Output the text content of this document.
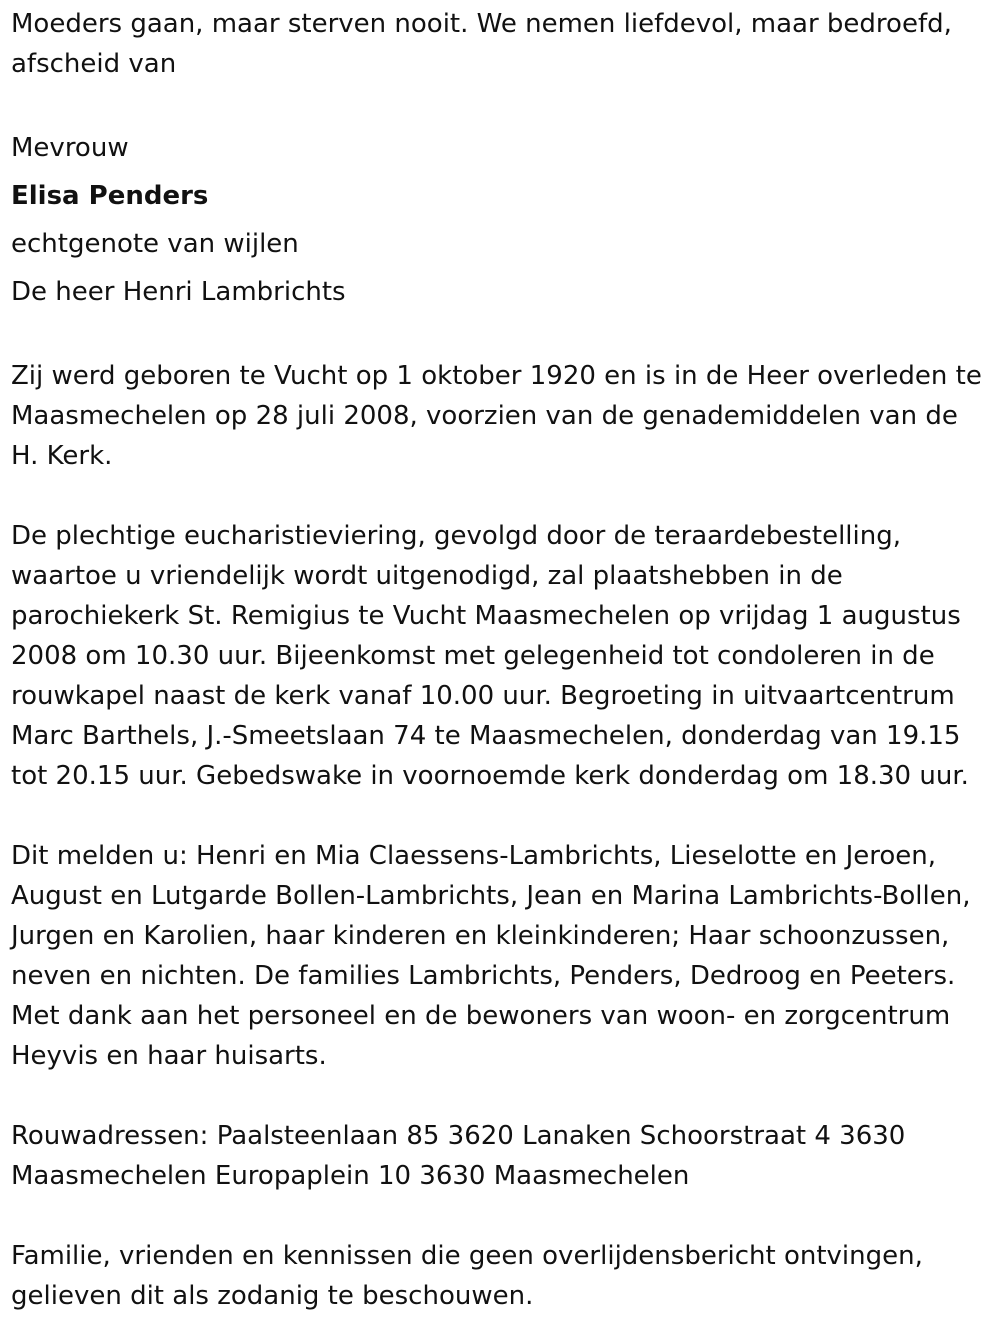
Moeders gaan, maar sterven nooit. We nemen liefdevol, maar bedroefd, afscheid van

Mevrouw

Elisa Penders

echtgenote van wijlen

De heer Henri Lambrichts

Zij werd geboren te Vucht op 1 oktober 1920 en is in de Heer overleden te Maasmechelen op 28 juli 2008, voorzien van de genademiddelen van de H. Kerk.

De plechtige eucharistieviering, gevolgd door de teraardebestelling, waartoe u vriendelijk wordt uitgenodigd, zal plaatshebben in de parochiekerk St. Remigius te Vucht Maasmechelen op vrijdag 1 augustus 2008 om 10.30 uur. Bijeenkomst met gelegenheid tot condoleren in de rouwkapel naast de kerk vanaf 10.00 uur. Begroeting in uitvaartcentrum Marc Barthels, J.-Smeetslaan 74 te Maasmechelen, donderdag van 19.15 tot 20.15 uur. Gebedswake in voornoemde kerk donderdag om 18.30 uur.

Dit melden u: Henri en Mia Claessens-Lambrichts, Lieselotte en Jeroen, August en Lutgarde Bollen-Lambrichts, Jean en Marina Lambrichts-Bollen, Jurgen en Karolien, haar kinderen en kleinkinderen; Haar schoonzussen, neven en nichten. De families Lambrichts, Penders, Dedroog en Peeters. Met dank aan het personeel en de bewoners van woon- en zorgcentrum Heyvis en haar huisarts.

Rouwadressen: Paalsteenlaan 85 3620 Lanaken Schoorstraat 4 3630 Maasmechelen Europaplein 10 3630 Maasmechelen

Familie, vrienden en kennissen die geen overlijdensbericht ontvingen, gelieven dit als zodanig te beschouwen.
